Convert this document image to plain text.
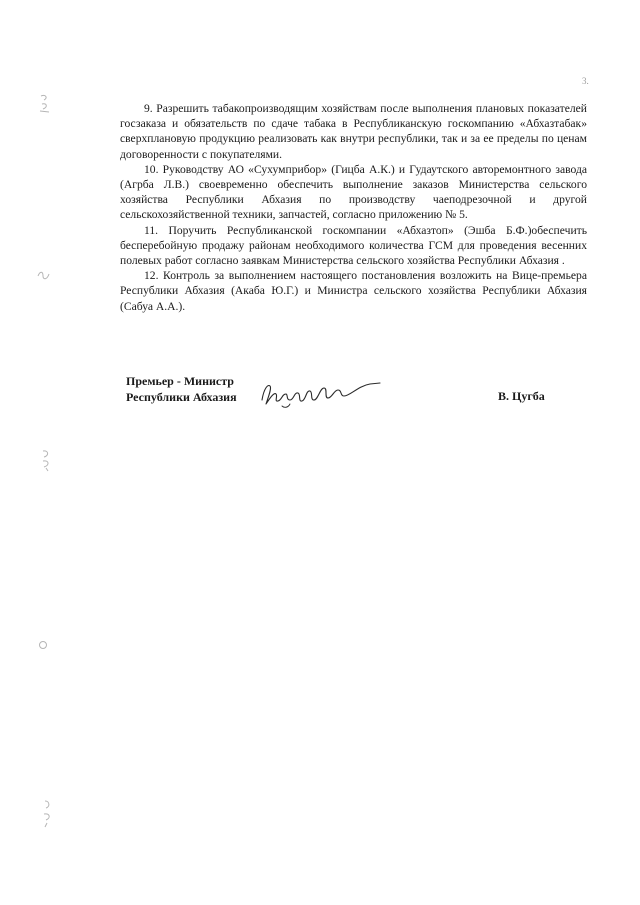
3.

9. Разрешить табакопроизводящим хозяйствам после выполнения плановых показателей госзаказа и обязательств по сдаче табака в Республиканскую госкомпанию «Абхазтабак» сверхплановую продукцию реализовать как внутри республики, так и за ее пределы по ценам договоренности с покупателями.

10. Руководству АО «Сухумприбор» (Гицба А.К.) и Гудаутского авторемонтного завода (Агрба Л.В.) своевременно обеспечить выполнение заказов Министерства сельского хозяйства Республики Абхазия по производству чаеподрезочной и другой сельскохозяйственной техники, запчастей, согласно приложению № 5.

11. Поручить Республиканской госкомпании «Абхазтоп» (Эшба Б.Ф.)обеспечить бесперебойную продажу районам необходимого количества ГСМ для проведения весенних полевых работ согласно заявкам Министерства сельского хозяйства Республики Абхазия .

12. Контроль за выполнением настоящего постановления возложить на Вице-премьера Республики Абхазия (Акаба Ю.Г.) и Министра сельского хозяйства Республики Абхазия (Сабуа А.А.).

Премьер - Министр
Республики Абхазия	В. Цугба
